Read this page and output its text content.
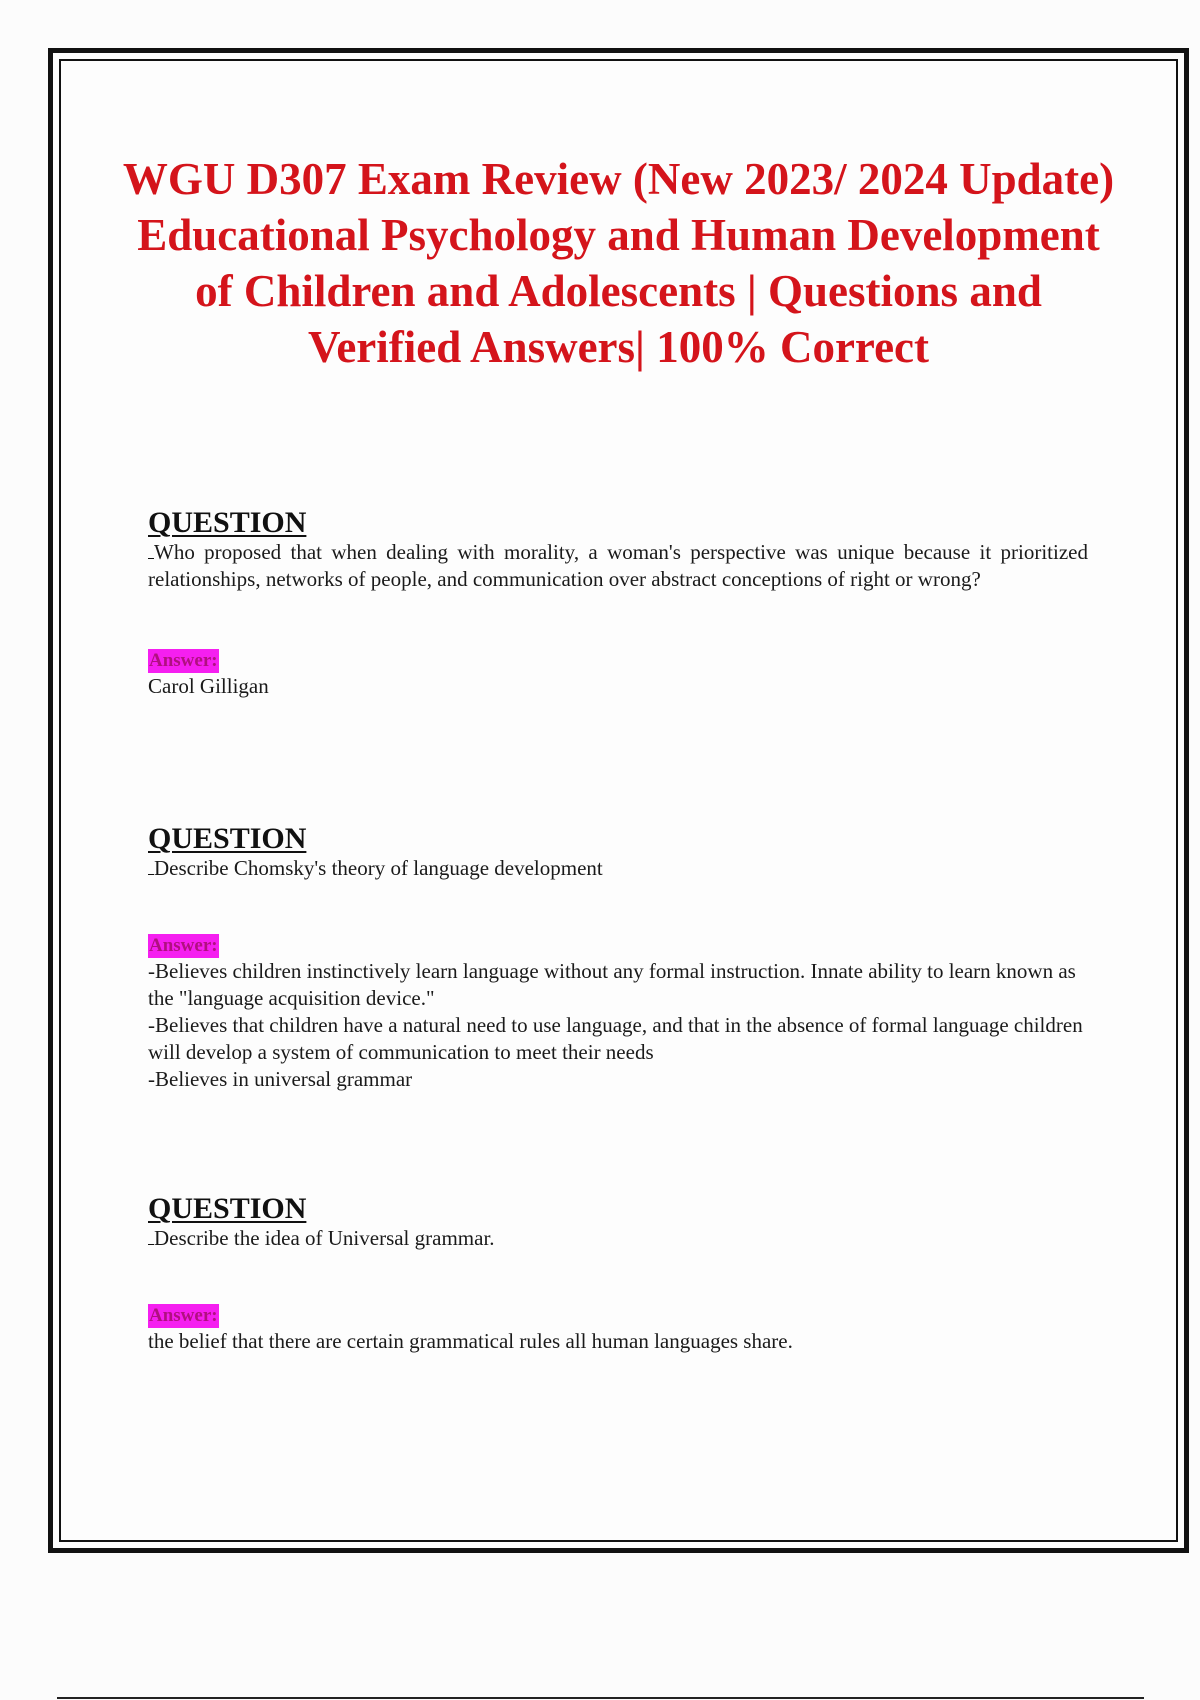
WGU D307 Exam Review (New 2023/ 2024 Update) Educational Psychology and Human Development of Children and Adolescents | Questions and Verified Answers| 100% Correct
QUESTION

Who proposed that when dealing with morality, a woman's perspective was unique because it prioritized relationships, networks of people, and communication over abstract conceptions of right or wrong?

Answer:

Carol Gilligan

QUESTION

Describe Chomsky's theory of language development

Answer:

-Believes children instinctively learn language without any formal instruction. Innate ability to learn known as the "language acquisition device."

-Believes that children have a natural need to use language, and that in the absence of formal language children will develop a system of communication to meet their needs

-Believes in universal grammar

QUESTION

Describe the idea of Universal grammar.

Answer:

the belief that there are certain grammatical rules all human languages share.
